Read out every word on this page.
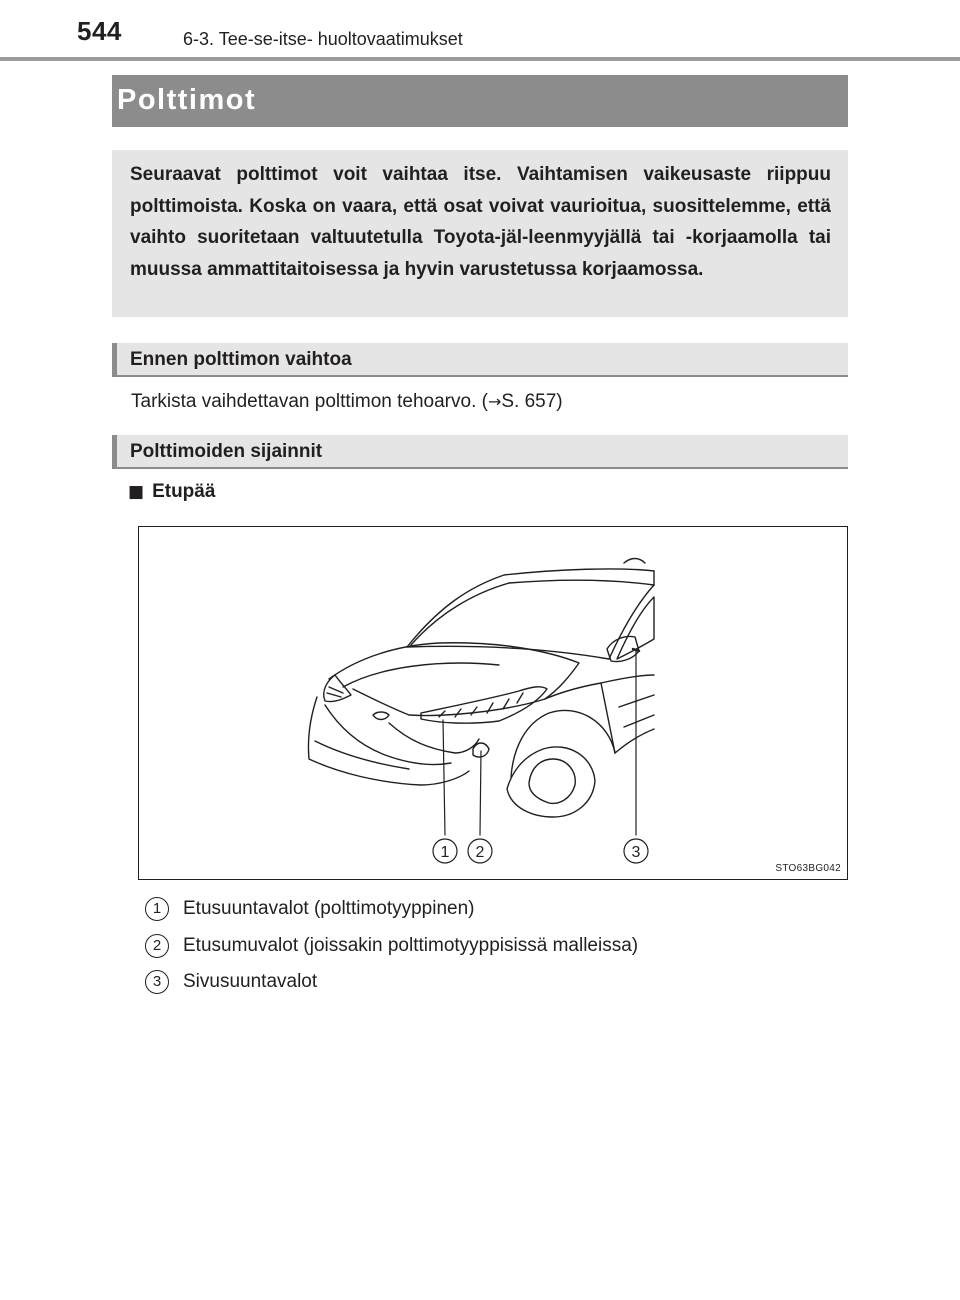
544	6-3. Tee-se-itse- huoltovaatimukset
Polttimot
Seuraavat polttimot voit vaihtaa itse. Vaihtamisen vaikeusaste riippuu polttimoista. Koska on vaara, että osat voivat vaurioitua, suosittelemme, että vaihto suoritetaan valtuutetulla Toyota-jäl-leenmyyjällä tai -korjaamolla tai muussa ammattitaitoisessa ja hyvin varustetussa korjaamossa.
Ennen polttimon vaihtoa
Tarkista vaihdettavan polttimon tehoarvo. (→S. 657)
Polttimoiden sijainnit
■ Etupää
1 2	3
STO63BG042
1	Etusuuntavalot (polttimotyyppinen)
2	Etusumuvalot (joissakin polttimotyyppisissä malleissa)
3	Sivusuuntavalot
